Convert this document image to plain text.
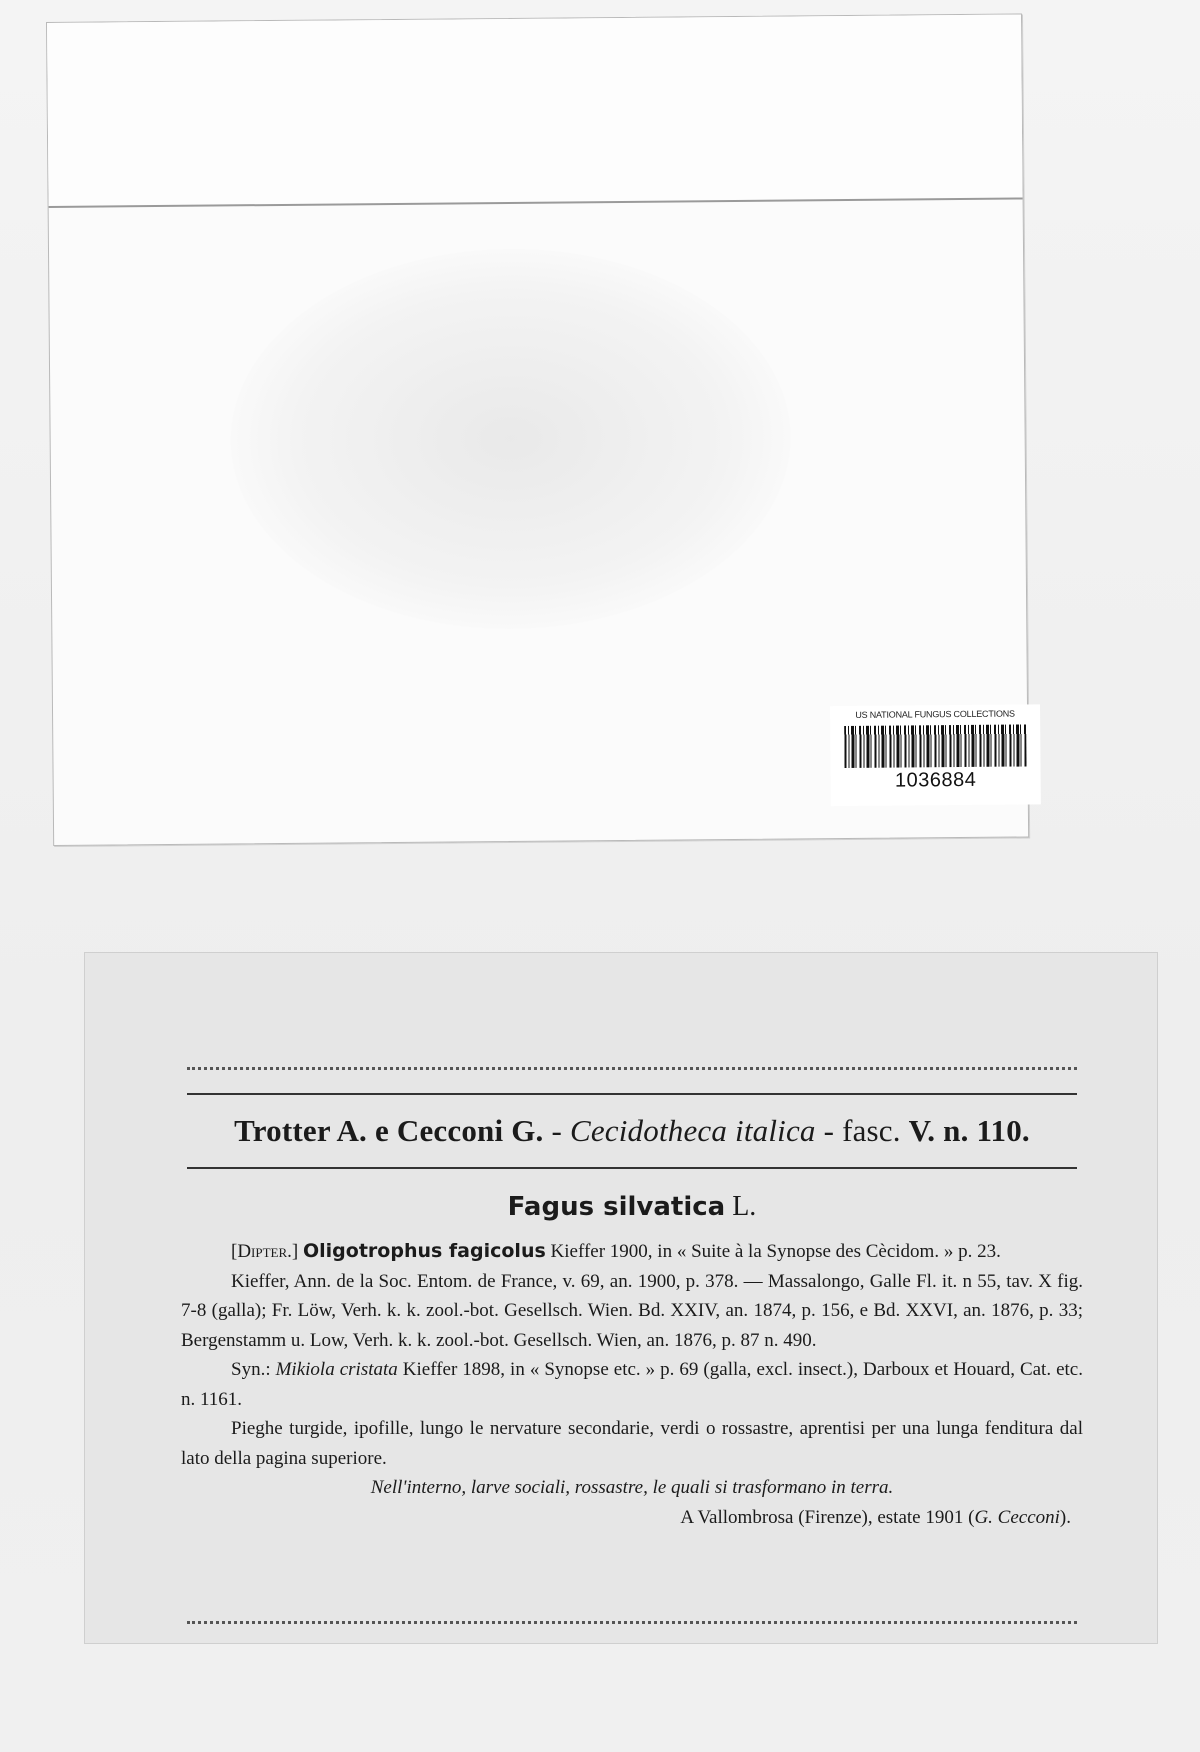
US NATIONAL FUNGUS COLLECTIONS
1036884
Trotter A. e Cecconi G. - Cecidotheca italica - fasc. V. n. 110.
Fagus silvatica L.

[Dipter.] Oligotrophus fagicolus Kieffer 1900, in « Suite à la Synopse des Cècidom. » p. 23.

Kieffer, Ann. de la Soc. Entom. de France, v. 69, an. 1900, p. 378. — Massalongo, Galle Fl. it. n 55, tav. X fig. 7-8 (galla); Fr. Löw, Verh. k. k. zool.-bot. Gesellsch. Wien. Bd. XXIV, an. 1874, p. 156, e Bd. XXVI, an. 1876, p. 33; Bergenstamm u. Low, Verh. k. k. zool.-bot. Gesellsch. Wien, an. 1876, p. 87 n. 490.

Syn.: Mikiola cristata Kieffer 1898, in « Synopse etc. » p. 69 (galla, excl. insect.), Darboux et Houard, Cat. etc. n. 1161.

Pieghe turgide, ipofille, lungo le nervature secondarie, verdi o rossastre, aprentisi per una lunga fenditura dal lato della pagina superiore.

Nell'interno, larve sociali, rossastre, le quali si trasformano in terra.

A Vallombrosa (Firenze), estate 1901 (G. Cecconi).
